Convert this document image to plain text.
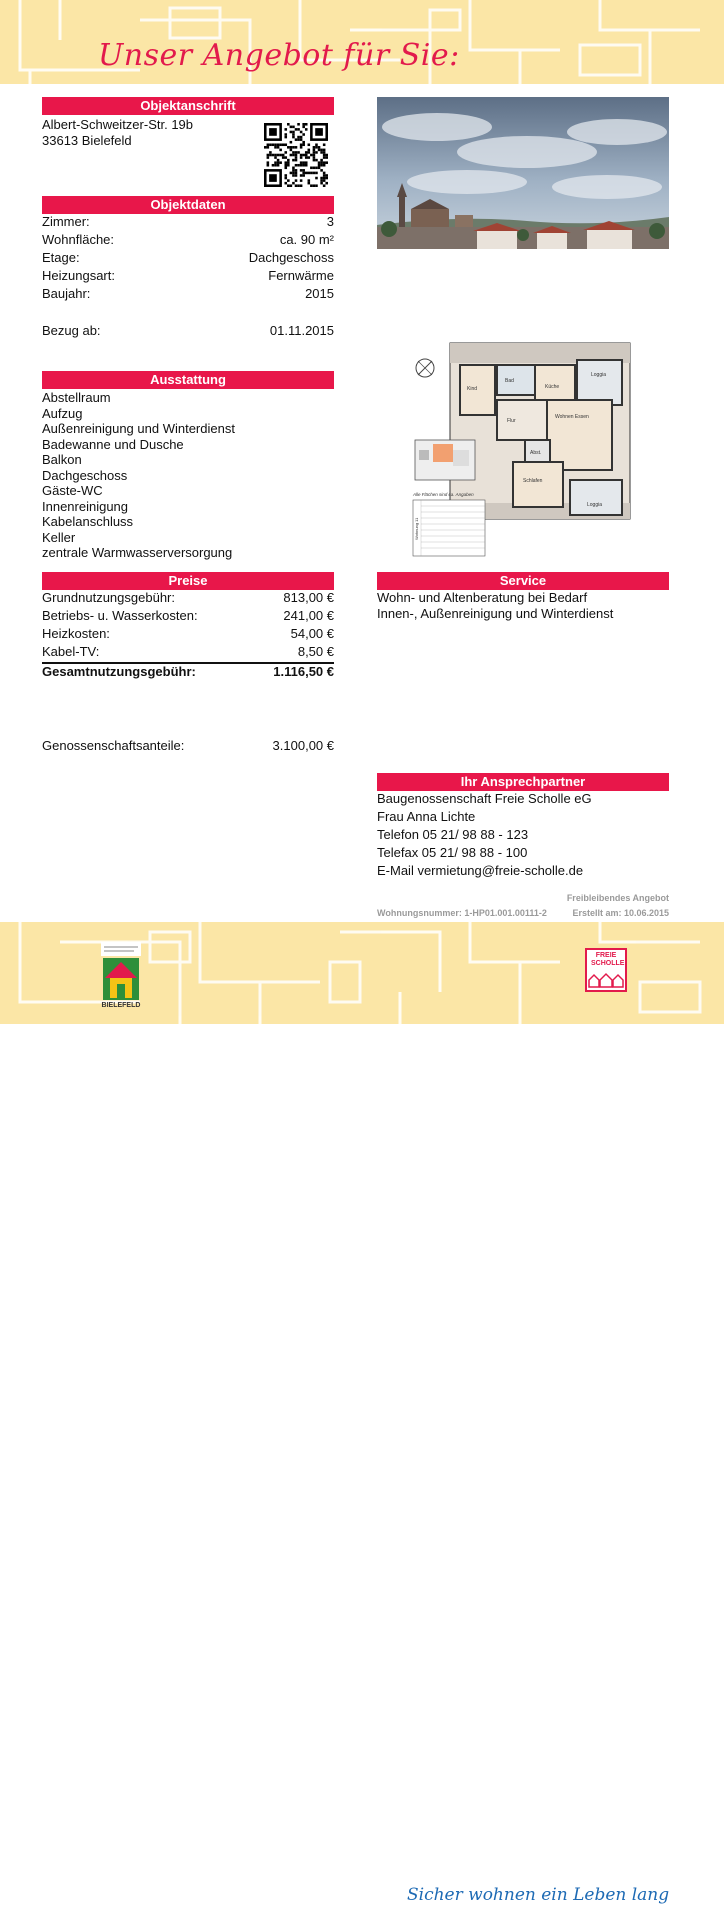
Unser Angebot für Sie:
Objektanschrift
Albert-Schweitzer-Str. 19b
33613 Bielefeld
Objektdaten
Zimmer:	3
Wohnfläche:	ca. 90 m²
Etage:	Dachgeschoss
Heizungsart:	Fernwärme
Baujahr:	2015
Bezug ab:	01.11.2015
Kind
Bad
Küche
Loggia
Flur
Wohnen Essen
Abst.
Schlafen
Loggia
Alle Flächen sind ca. Angaben
Wohnung 11
Ausstattung
Abstellraum
Aufzug
Außenreinigung und Winterdienst
Badewanne und Dusche
Balkon
Dachgeschoss
Gäste-WC
Innenreinigung
Kabelanschluss
Keller
zentrale Warmwasserversorgung
Preise
Grundnutzungsgebühr:	813,00 €
Betriebs- u. Wasserkosten:	241,00 €
Heizkosten:	54,00 €
Kabel-TV:	8,50 €
Gesamtnutzungsgebühr:	1.116,50 €
Genossenschaftsanteile:	3.100,00 €
Service
Wohn- und Altenberatung bei Bedarf
Innen-, Außenreinigung und Winterdienst
Ihr Ansprechpartner
Baugenossenschaft Freie Scholle eG
Frau Anna Lichte
Telefon 05 21/ 98 88 - 123
Telefax 05 21/ 98 88 - 100
E-Mail vermietung@freie-scholle.de
Freibleibendes Angebot
Wohnungsnummer: 1-HP01.001.00111-2	Erstellt am: 10.06.2015
BIELEFELD
Sicher wohnen ein Leben lang
FREIE SCHOLLE
